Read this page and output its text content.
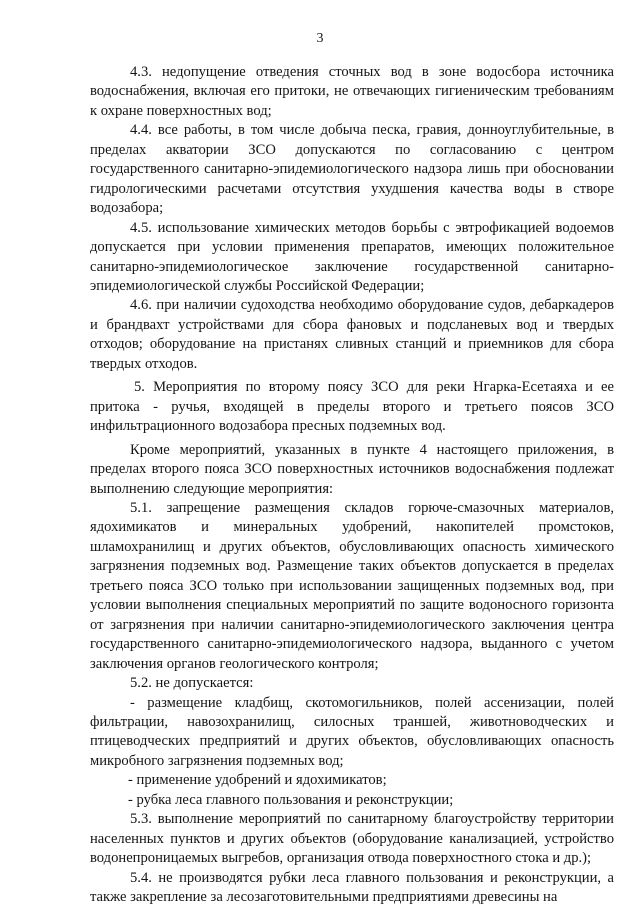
3

4.3. недопущение отведения сточных вод в зоне водосбора источника водоснабжения, включая его притоки, не отвечающих гигиеническим требованиям к охране поверхностных вод;

4.4. все работы, в том числе добыча песка, гравия, донноуглубительные, в пределах акватории ЗСО допускаются по согласованию с центром государственного санитарно-эпидемиологического надзора лишь при обосновании гидрологическими расчетами отсутствия ухудшения качества воды в створе водозабора;

4.5. использование химических методов борьбы с эвтрофикацией водоемов допускается при условии применения препаратов, имеющих положительное санитарно-эпидемиологическое заключение государственной санитарно-эпидемиологической службы Российской Федерации;

4.6. при наличии судоходства необходимо оборудование судов, дебаркадеров и брандвахт устройствами для сбора фановых и подсланевых вод и твердых отходов; оборудование на пристанях сливных станций и приемников для сбора твердых отходов.

5. Мероприятия по второму поясу ЗСО для реки Нгарка-Есетаяха и ее притока - ручья, входящей в пределы второго и третьего поясов ЗСО инфильтрационного водозабора пресных подземных вод.

Кроме мероприятий, указанных в пункте 4 настоящего приложения, в пределах второго пояса ЗСО поверхностных источников водоснабжения подлежат выполнению следующие мероприятия:

5.1. запрещение размещения складов горюче-смазочных материалов, ядохимикатов и минеральных удобрений, накопителей промстоков, шламохранилищ и других объектов, обусловливающих опасность химического загрязнения подземных вод. Размещение таких объектов допускается в пределах третьего пояса ЗСО только при использовании защищенных подземных вод, при условии выполнения специальных мероприятий по защите водоносного горизонта от загрязнения при наличии санитарно-эпидемиологического заключения центра государственного санитарно-эпидемиологического надзора, выданного с учетом заключения органов геологического контроля;

5.2. не допускается:

- размещение кладбищ, скотомогильников, полей ассенизации, полей фильтрации, навозохранилищ, силосных траншей, животноводческих и птицеводческих предприятий и других объектов, обусловливающих опасность микробного загрязнения подземных вод;

- применение удобрений и ядохимикатов;

- рубка леса главного пользования и реконструкции;

5.3. выполнение мероприятий по санитарному благоустройству территории населенных пунктов и других объектов (оборудование канализацией, устройство водонепроницаемых выгребов, организация отвода поверхностного стока и др.);

5.4. не производятся рубки леса главного пользования и реконструкции, а также закрепление за лесозаготовительными предприятиями древесины на
